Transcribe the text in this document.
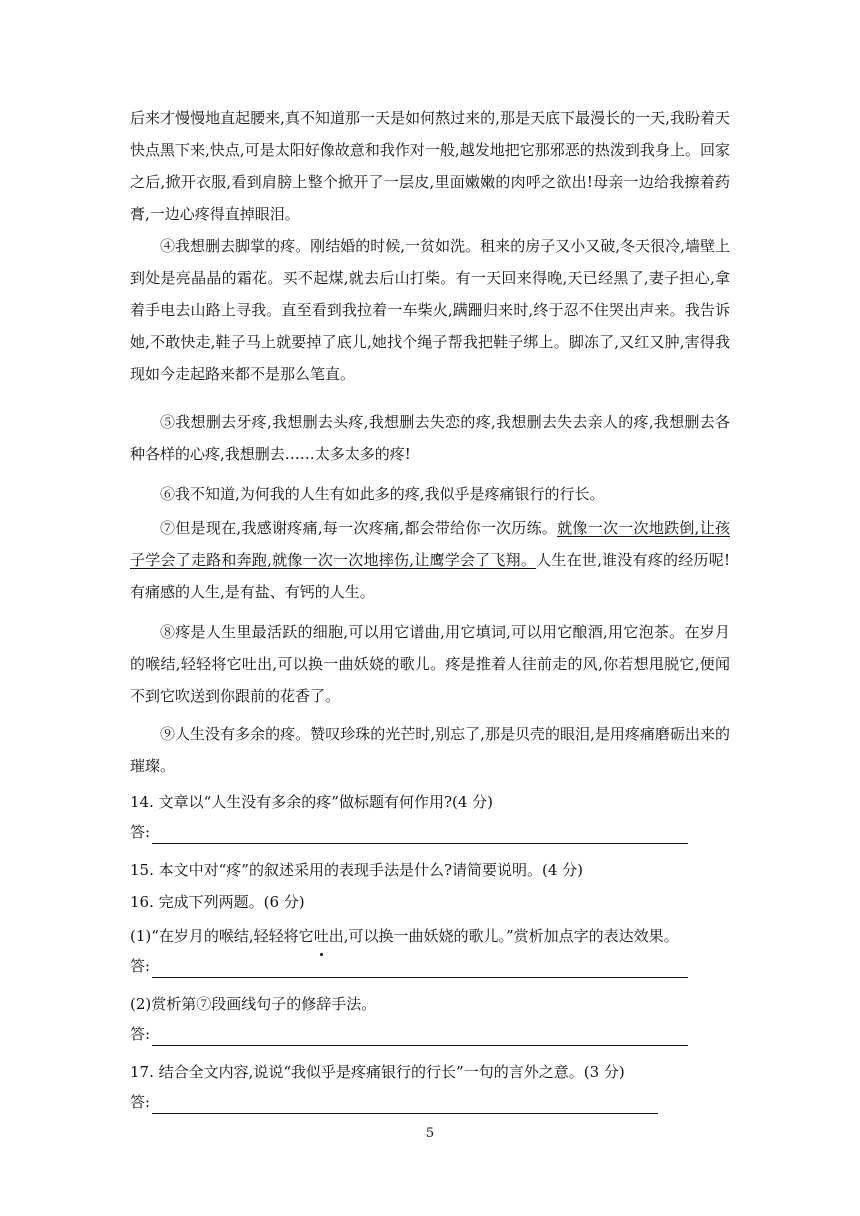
后来才慢慢地直起腰来,真不知道那一天是如何熬过来的,那是天底下最漫长的一天,我盼着天快点黑下来,快点,可是太阳好像故意和我作对一般,越发地把它那邪恶的热泼到我身上。回家之后,掀开衣服,看到肩膀上整个掀开了一层皮,里面嫩嫩的肉呼之欲出!母亲一边给我擦着药膏,一边心疼得直掉眼泪。

④我想删去脚掌的疼。刚结婚的时候,一贫如洗。租来的房子又小又破,冬天很冷,墙壁上到处是亮晶晶的霜花。买不起煤,就去后山打柴。有一天回来得晚,天已经黑了,妻子担心,拿着手电去山路上寻我。直至看到我拉着一车柴火,蹒跚归来时,终于忍不住哭出声来。我告诉她,不敢快走,鞋子马上就要掉了底儿,她找个绳子帮我把鞋子绑上。脚冻了,又红又肿,害得我现如今走起路来都不是那么笔直。

⑤我想删去牙疼,我想删去头疼,我想删去失恋的疼,我想删去失去亲人的疼,我想删去各种各样的心疼,我想删去……太多太多的疼!

⑥我不知道,为何我的人生有如此多的疼,我似乎是疼痛银行的行长。

⑦但是现在,我感谢疼痛,每一次疼痛,都会带给你一次历练。就像一次一次地跌倒,让孩子学会了走路和奔跑,就像一次一次地摔伤,让鹰学会了飞翔。人生在世,谁没有疼的经历呢!有痛感的人生,是有盐、有钙的人生。

⑧疼是人生里最活跃的细胞,可以用它谱曲,用它填词,可以用它酿酒,用它泡茶。在岁月的喉结,轻轻将它吐出,可以换一曲妖娆的歌儿。疼是推着人往前走的风,你若想甩脱它,便闻不到它吹送到你跟前的花香了。

⑨人生没有多余的疼。赞叹珍珠的光芒时,别忘了,那是贝壳的眼泪,是用疼痛磨砺出来的璀璨。

14. 文章以“人生没有多余的疼”做标题有何作用?(4 分)

答:

15. 本文中对“疼”的叙述采用的表现手法是什么?请简要说明。(4 分)

16. 完成下列两题。(6 分)

(1)“在岁月的喉结,轻轻将它吐出,可以换一曲妖娆的歌儿。”赏析加点字的表达效果。

答:

(2)赏析第⑦段画线句子的修辞手法。

答:

17. 结合全文内容,说说“我似乎是疼痛银行的行长”一句的言外之意。(3 分)

答:
5
